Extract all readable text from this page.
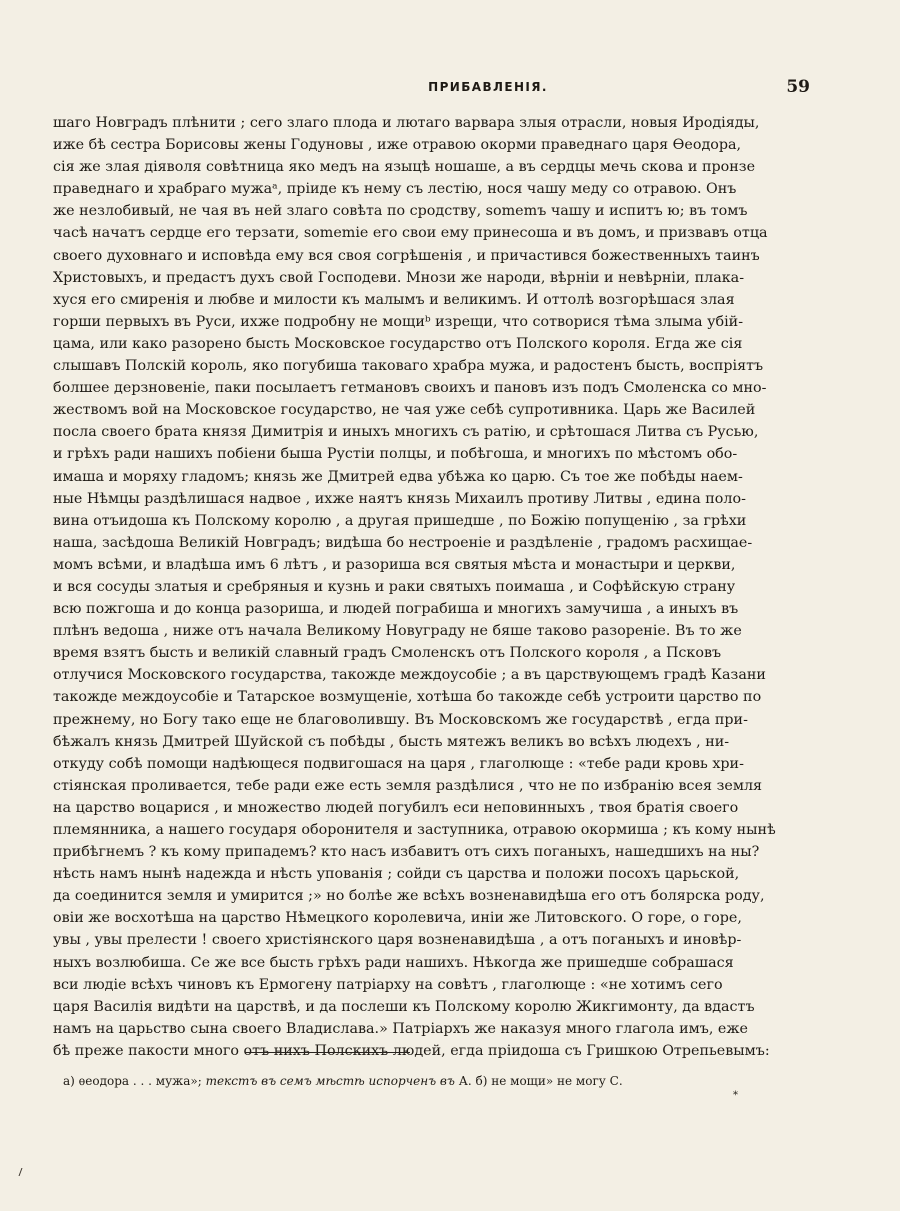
ПРИБАВЛЕНІЯ.	59
шаго Новградъ плѣнити ; сего злаго плода и лютаго варвара злыя отрасли, новыя Иродіяды,
иже бѣ сестра Борисовы жены Годуновы , иже отравою окорми праведнаго царя Ѳеодора,
сія же злая діяволя совѣтница яко медъ на языцѣ ношаше, а въ сердцы мечь скова и пронзе
праведнаго и храбраго мужаᵃ, пріиде къ нему съ лестію, нося чашу меду со отравою. Онъ
же незлобивый, не чая въ ней злаго совѣта по сродству, somemъ чашу и испитъ ю; въ томъ
часѣ начатъ сердце его терзати, somemie его свои ему принесоша и въ домъ, и призвавъ отца
своего духовнаго и исповѣда ему вся своя согрѣшенія , и причастився божественныхъ таинъ
Христовыхъ, и предастъ духъ свой Господеви. Мнози же народи, вѣрніи и невѣрніи, плака-
хуся его смиренія и любве и милости къ малымъ и великимъ. И оттолѣ возгорѣшася злая
горши первыхъ въ Руси, ихже подробну не мощиᵇ изрещи, что сотворися тѣма злыма убій-
цама, или како разорено бысть Московское государство отъ Полского короля. Егда же сія
слышавъ Полскій король, яко погубиша таковаго храбра мужа, и радостенъ бысть, воспріятъ
болшее дерзновеніе, паки посылаетъ гетмановъ своихъ и пановъ изъ подъ Смоленска со мно-
жествомъ вой на Московское государство, не чая уже себѣ супротивника. Царь же Василей
посла своего брата князя Димитрія и иныхъ многихъ съ ратію, и срѣтошася Литва съ Русью,
и грѣхъ ради нашихъ побіени быша Рустіи полцы, и побѣгоша, и многихъ по мѣстомъ обо-
имаша и моряху гладомъ; князь же Дмитрей едва убѣжа ко царю. Съ тое же побѣды наем-
ные Нѣмцы раздѣлишася надвое , ихже наятъ князь Михаилъ противу Литвы , едина поло-
вина отъидоша къ Полскому королю , а другая пришедше , по Божію попущенію , за грѣхи
наша, засѣдоша Великій Новградъ; видѣша бо нестроеніе и раздѣленіе , градомъ расхищае-
момъ всѣми, и владѣша имъ 6 лѣтъ , и разориша вся святыя мѣста и монастыри и церкви,
и вся сосуды златыя и сребряныя и кузнь и раки святыхъ поимаша , и Софѣйскую страну
всю пожгоша и до конца разориша, и людей пограбиша и многихъ замучиша , а иныхъ въ
плѣнъ ведоша , ниже отъ начала Великому Новуграду не бяше таково разореніе. Въ то же
время взятъ бысть и великій славный градъ Смоленскъ отъ Полского короля , а Псковъ
отлучися Московского государства, такожде междоусобіе ; а въ царствующемъ градѣ Казани
такожде междоусобіе и Татарское возмущеніе, хотѣша бо такожде себѣ устроити царство по
прежнему, но Богу тако еще не благоволившу. Въ Московскомъ же государствѣ , егда при-
бѣжалъ князь Дмитрей Шуйской съ побѣды , бысть мятежъ великъ во всѣхъ людехъ , ни-
откуду собѣ помощи надѣющеся подвигошася на царя , глаголюще : «тебе ради кровь хри-
стіянская проливается, тебе ради еже есть земля раздѣлися , что не по избранію всея земля
на царство воцарися , и множество людей погубилъ еси неповинныхъ , твоя братія своего
племянника, а нашего государя оборонителя и заступника, отравою окормиша ; къ кому нынѣ
прибѣгнемъ ? къ кому припадемъ? кто насъ избавитъ отъ сихъ поганыхъ, нашедшихъ на ны?
нѣсть намъ нынѣ надежда и нѣсть упованія ; сойди съ царства и положи посохъ царьской,
да соединится земля и умирится ;» но болѣе же всѣхъ возненавидѣша его отъ болярска роду,
овіи же восхотѣша на царство Нѣмецкого королевича, иніи же Литовского. О горе, о горе,
увы , увы прелести ! своего христіянского царя возненавидѣша , а отъ поганыхъ и иновѣр-
ныхъ возлюбиша. Се же все бысть грѣхъ ради нашихъ. Нѣкогда же пришедше собрашася
вси людіе всѣхъ чиновъ къ Ермогену патріарху на совѣтъ , глаголюще : «не хотимъ сего
царя Василія видѣти на царствѣ, и да послеши къ Полскому королю Жикгимонту, да вдастъ
намъ на царьство сына своего Владислава.» Патріархъ же наказуя много глагола имъ, еже
бѣ преже пакости много отъ нихъ Полскихъ людей, егда пріидоша съ Гришкою Отрепьевымъ:
а) ѳеодора . . . мужа»; текстъ въ семъ мѣстѣ испорченъ въ А. б) не мощи» не могу С.
*
